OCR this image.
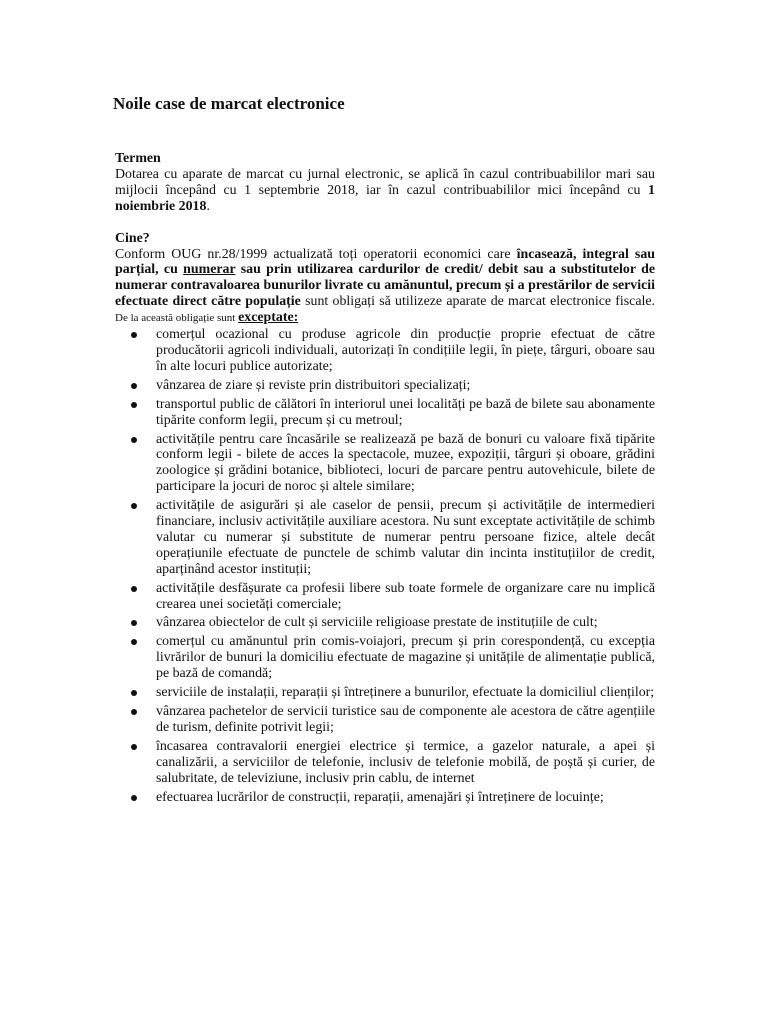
Noile case de marcat electronice

Termen

Dotarea cu aparate de marcat cu jurnal electronic, se aplică în cazul contribuabililor mari sau mijlocii începând cu 1 septembrie 2018, iar în cazul contribuabililor mici începând cu 1 noiembrie 2018.

Cine?

Conform OUG nr.28/1999 actualizată toți operatorii economici care încasează, integral sau parțial, cu numerar sau prin utilizarea cardurilor de credit/ debit sau a substitutelor de numerar contravaloarea bunurilor livrate cu amănuntul, precum și a prestărilor de servicii efectuate direct către populație sunt obligați să utilizeze aparate de marcat electronice fiscale. De la această obligație sunt exceptate:

comerțul ocazional cu produse agricole din producție proprie efectuat de către producătorii agricoli individuali, autorizați în condițiile legii, în piețe, târguri, oboare sau în alte locuri publice autorizate;
vânzarea de ziare și reviste prin distribuitori specializați;
transportul public de călători în interiorul unei localități pe bază de bilete sau abonamente tipărite conform legii, precum și cu metroul;
activitățile pentru care încasările se realizează pe bază de bonuri cu valoare fixă tipărite conform legii - bilete de acces la spectacole, muzee, expoziții, târguri și oboare, grădini zoologice și grădini botanice, biblioteci, locuri de parcare pentru autovehicule, bilete de participare la jocuri de noroc și altele similare;
activitățile de asigurări și ale caselor de pensii, precum și activitățile de intermedieri financiare, inclusiv activitățile auxiliare acestora. Nu sunt exceptate activitățile de schimb valutar cu numerar și substitute de numerar pentru persoane fizice, altele decât operațiunile efectuate de punctele de schimb valutar din incinta instituțiilor de credit, aparținând acestor instituții;
activitățile desfășurate ca profesii libere sub toate formele de organizare care nu implică crearea unei societăți comerciale;
vânzarea obiectelor de cult și serviciile religioase prestate de instituțiile de cult;
comerțul cu amănuntul prin comis-voiajori, precum și prin corespondență, cu excepția livrărilor de bunuri la domiciliu efectuate de magazine și unitățile de alimentație publică, pe bază de comandă;
serviciile de instalații, reparații și întreținere a bunurilor, efectuate la domiciliul clienților;
vânzarea pachetelor de servicii turistice sau de componente ale acestora de către agențiile de turism, definite potrivit legii;
încasarea contravalorii energiei electrice și termice, a gazelor naturale, a apei și canalizării, a serviciilor de telefonie, inclusiv de telefonie mobilă, de poștă și curier, de salubritate, de televiziune, inclusiv prin cablu, de internet
efectuarea lucrărilor de construcții, reparații, amenajări și întreținere de locuințe;
